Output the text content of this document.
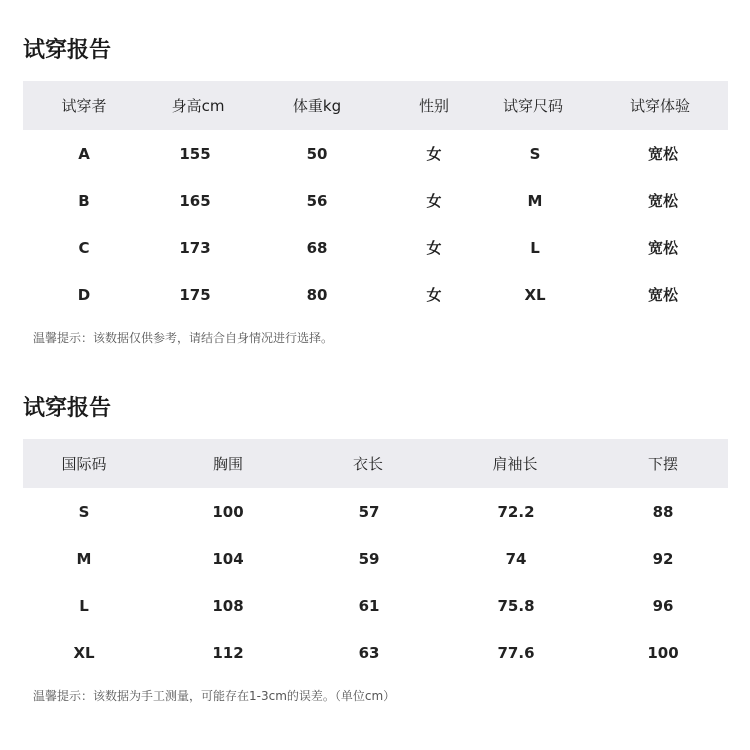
试穿报告
试穿者	身高cm	体重kg	性别	试穿尺码	试穿体验
A	155	50	女	S	宽松
B	165	56	女	M	宽松
C	173	68	女	L	宽松
D	175	80	女	XL	宽松
温馨提示：该数据仅供参考，请结合自身情况进行选择。
试穿报告
国际码	胸围	衣长	肩袖长	下摆
S	100	57	72.2	88
M	104	59	74	92
L	108	61	75.8	96
XL	112	63	77.6	100
温馨提示：该数据为手工测量，可能存在1-3cm的误差。（单位cm）
